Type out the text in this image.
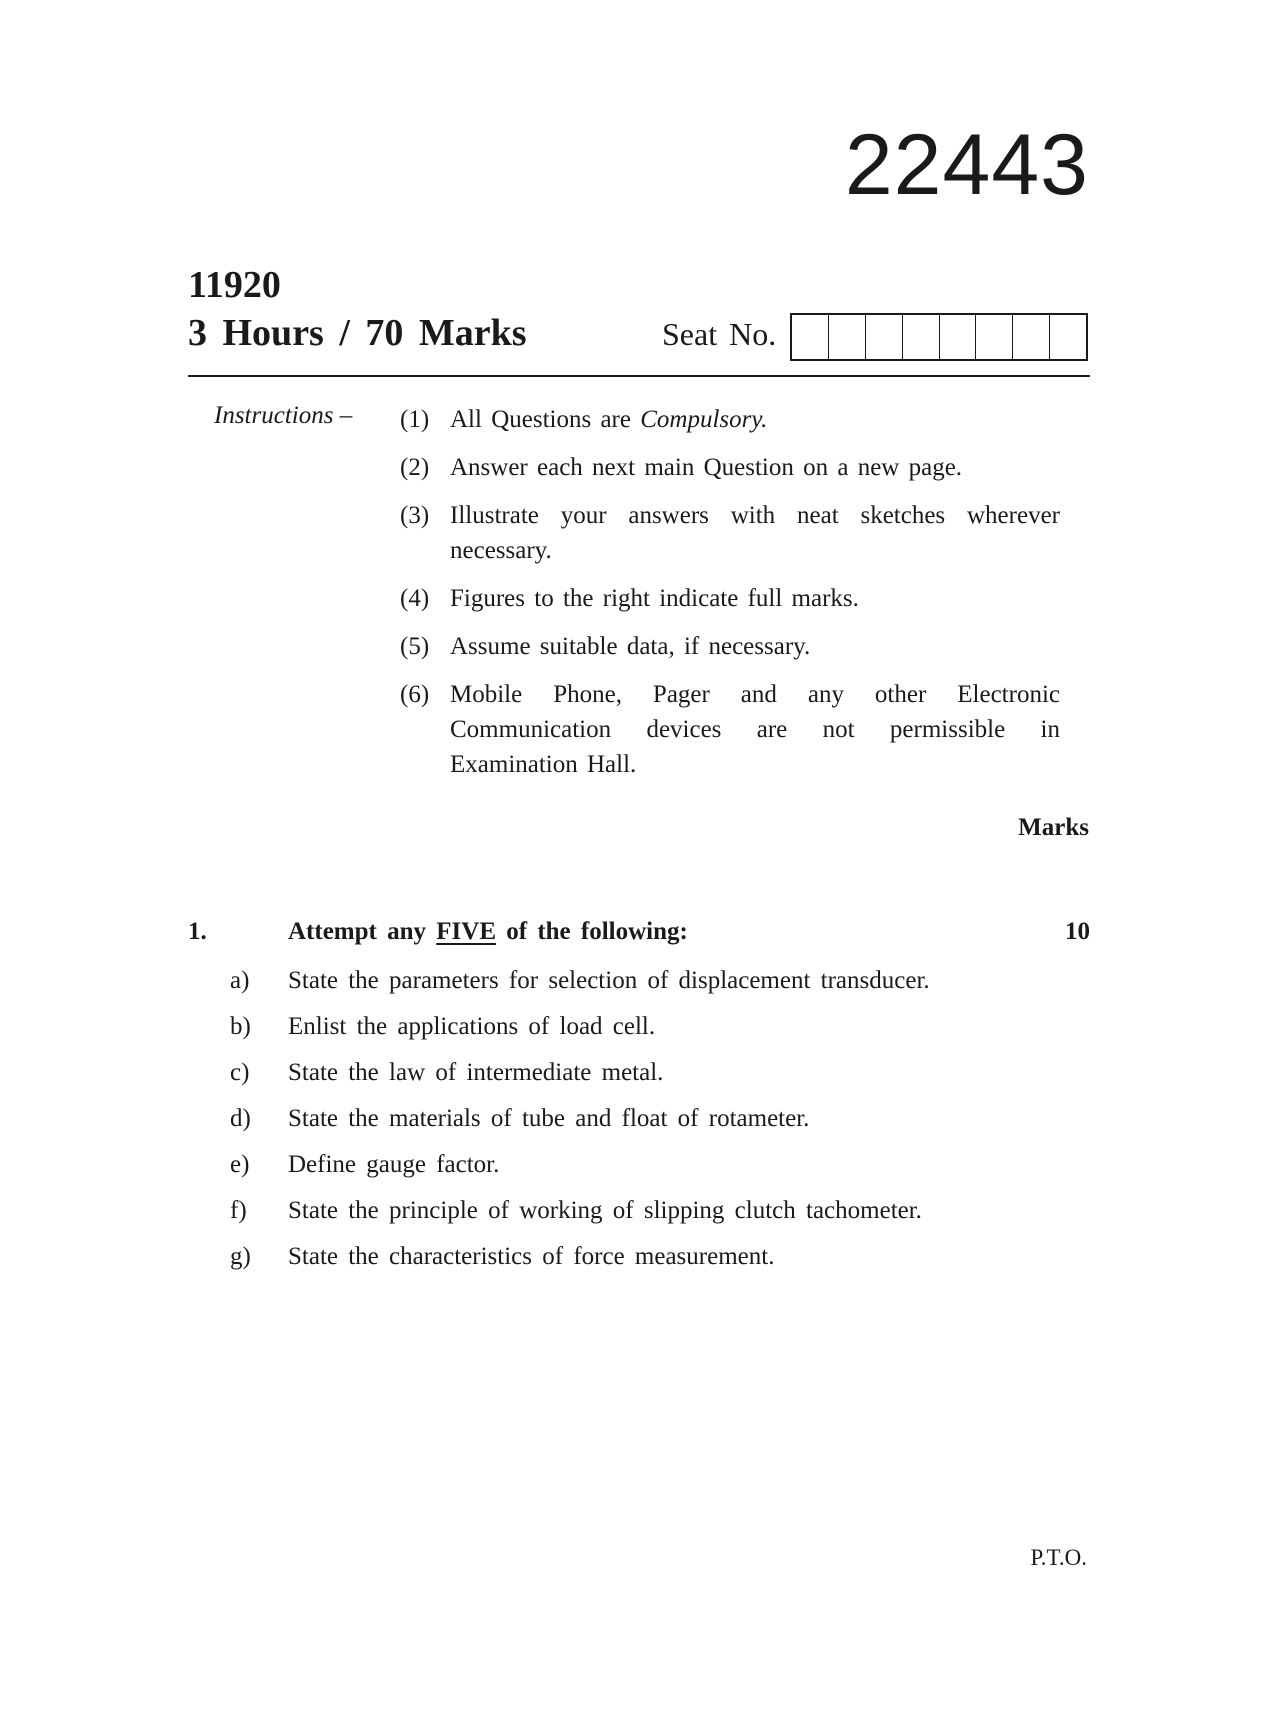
22443
11920
3 Hours / 70 Marks	Seat No.
Instructions – (1) All Questions are Compulsory.
(2) Answer each next main Question on a new page.
(3) Illustrate your answers with neat sketches wherever necessary.
(4) Figures to the right indicate full marks.
(5) Assume suitable data, if necessary.
(6) Mobile Phone, Pager and any other Electronic Communication devices are not permissible in Examination Hall.
Marks
1.	Attempt any FIVE of the following:	10
a)	State the parameters for selection of displacement transducer.
b)	Enlist the applications of load cell.
c)	State the law of intermediate metal.
d)	State the materials of tube and float of rotameter.
e)	Define gauge factor.
f)	State the principle of working of slipping clutch tachometer.
g)	State the characteristics of force measurement.
P.T.O.
